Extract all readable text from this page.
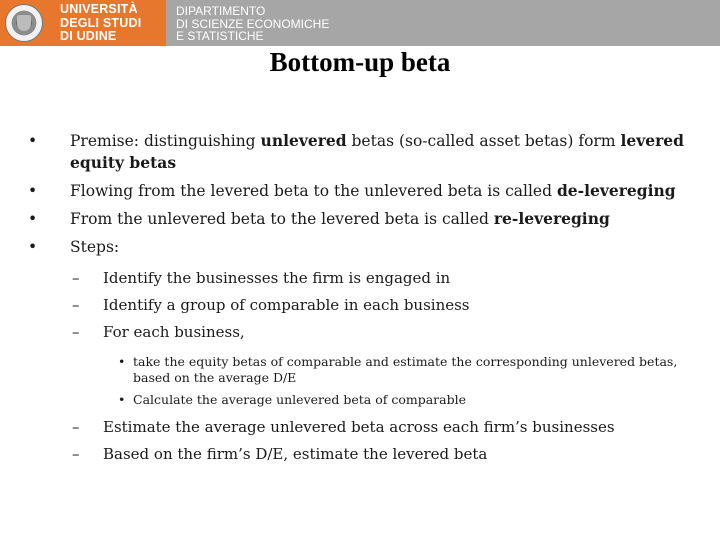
UNIVERSITÀ
DEGLI STUDI
DI UDINE
DIPARTIMENTO
DI SCIENZE ECONOMICHE
E STATISTICHE
Bottom-up beta
• Premise: distinguishing unlevered betas (so-called asset betas) form levered equity betas
• Flowing from the levered beta to the unlevered beta is called de-levereging
• From the unlevered beta to the levered beta is called re-levereging
• Steps:
– Identify the businesses the firm is engaged in
– Identify a group of comparable in each business
– For each business,
• take the equity betas of comparable and estimate the corresponding unlevered betas, based on the average D/E
• Calculate the average unlevered beta of comparable
– Estimate the average unlevered beta across each firm’s businesses
– Based on the firm’s D/E, estimate the levered beta
